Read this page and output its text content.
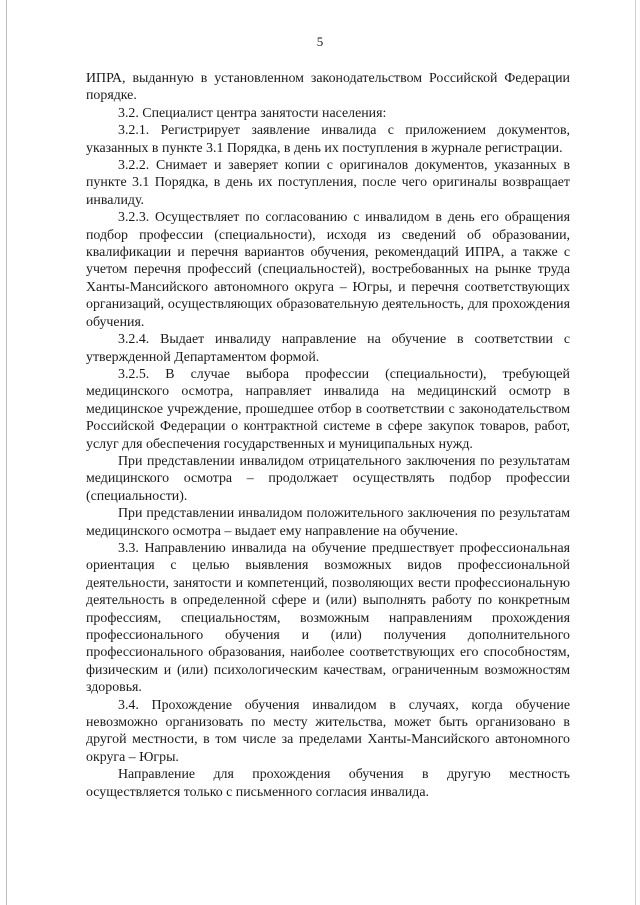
5

ИПРА, выданную в установленном законодательством Российской Федерации порядке.

3.2. Специалист центра занятости населения:

3.2.1. Регистрирует заявление инвалида с приложением документов, указанных в пункте 3.1 Порядка, в день их поступления в журнале регистрации.

3.2.2. Снимает и заверяет копии с оригиналов документов, указанных в пункте 3.1 Порядка, в день их поступления, после чего оригиналы возвращает инвалиду.

3.2.3. Осуществляет по согласованию с инвалидом в день его обращения подбор профессии (специальности), исходя из сведений об образовании, квалификации и перечня вариантов обучения, рекомендаций ИПРА, а также с учетом перечня профессий (специальностей), востребованных на рынке труда Ханты-Мансийского автономного округа – Югры, и перечня соответствующих организаций, осуществляющих образовательную деятельность, для прохождения обучения.

3.2.4. Выдает инвалиду направление на обучение в соответствии с утвержденной Департаментом формой.

3.2.5. В случае выбора профессии (специальности), требующей медицинского осмотра, направляет инвалида на медицинский осмотр в медицинское учреждение, прошедшее отбор в соответствии с законодательством Российской Федерации о контрактной системе в сфере закупок товаров, работ, услуг для обеспечения государственных и муниципальных нужд.

При представлении инвалидом отрицательного заключения по результатам медицинского осмотра – продолжает осуществлять подбор профессии (специальности).

При представлении инвалидом положительного заключения по результатам медицинского осмотра – выдает ему направление на обучение.

3.3. Направлению инвалида на обучение предшествует профессиональная ориентация с целью выявления возможных видов профессиональной деятельности, занятости и компетенций, позволяющих вести профессиональную деятельность в определенной сфере и (или) выполнять работу по конкретным профессиям, специальностям, возможным направлениям прохождения профессионального обучения и (или) получения дополнительного профессионального образования, наиболее соответствующих его способностям, физическим и (или) психологическим качествам, ограниченным возможностям здоровья.

3.4. Прохождение обучения инвалидом в случаях, когда обучение невозможно организовать по месту жительства, может быть организовано в другой местности, в том числе за пределами Ханты-Мансийского автономного округа – Югры.

Направление для прохождения обучения в другую местность осуществляется только с письменного согласия инвалида.
